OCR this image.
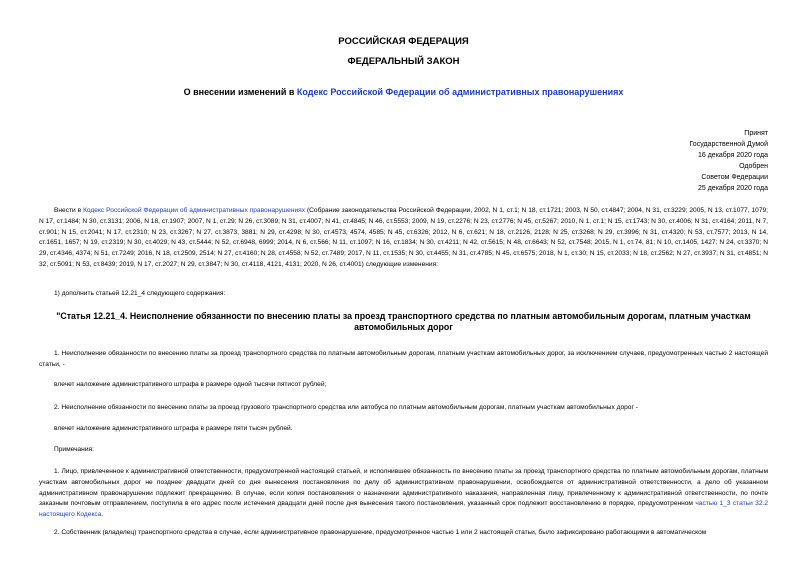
РОССИЙСКАЯ ФЕДЕРАЦИЯ
ФЕДЕРАЛЬНЫЙ ЗАКОН
О внесении изменений в Кодекс Российской Федерации об административных правонарушениях
Принят
Государственной Думой
16 декабря 2020 года
Одобрен
Советом Федерации
25 декабря 2020 года
Внести в Кодекс Российской Федерации об административных правонарушениях (Собрание законодательства Российской Федерации, 2002, N 1, ст.1; N 18, ст.1721; 2003, N 50, ст.4847; 2004, N 31, ст.3229; 2005, N 13, ст.1077, 1079; N 17, ст.1484; N 30, ст.3131; 2006, N 18, ст.1907; 2007, N 1, ст.29; N 26, ст.3089; N 31, ст.4007; N 41, ст.4845; N 46, ст.5553; 2009, N 19, ст.2276; N 23, ст.2776; N 45, ст.5267; 2010, N 1, ст.1; N 15, ст.1743; N 30, ст.4006; N 31, ст.4164; 2011, N 7, ст.901; N 15, ст.2041; N 17, ст.2310; N 23, ст.3267; N 27, ст.3873, 3881; N 29, ст.4298; N 30, ст.4573, 4574, 4585; N 45, ст.6326; 2012, N 6, ст.621; N 18, ст.2126, 2128; N 25, ст.3268; N 29, ст.3996; N 31, ст.4320; N 53, ст.7577; 2013, N 14, ст.1651, 1657; N 19, ст.2319; N 30, ст.4029; N 43, ст.5444; N 52, ст.6948, 6999; 2014, N 6, ст.566; N 11, ст.1097; N 16, ст.1834; N 30, ст.4211; N 42, ст.5615; N 48, ст.6643; N 52, ст.7548; 2015, N 1, ст.74, 81; N 10, ст.1405, 1427; N 24, ст.3370; N 29, ст.4346, 4374; N 51, ст.7249; 2016, N 18, ст.2509, 2514; N 27, ст.4160; N 28, ст.4558; N 52, ст.7489; 2017, N 11, ст.1535; N 30, ст.4455; N 31, ст.4785; N 45, ст.6575; 2018, N 1, ст.30; N 15, ст.2033; N 18, ст.2562; N 27, ст.3937; N 31, ст.4851; N 32, ст.5091; N 53, ст.8439; 2019, N 17, ст.2027; N 29, ст.3847; N 30, ст.4118, 4121, 4131; 2020, N 26, ст.4001) следующие изменения:
1) дополнить статьей 12.21_4 следующего содержания:
"Статья 12.21_4. Неисполнение обязанности по внесению платы за проезд транспортного средства по платным автомобильным дорогам, платным участкам автомобильных дорог
1. Неисполнение обязанности по внесению платы за проезд транспортного средства по платным автомобильным дорогам, платным участкам автомобильных дорог, за исключением случаев, предусмотренных частью 2 настоящей статьи, -
влечет наложение административного штрафа в размере одной тысячи пятисот рублей;
2. Неисполнение обязанности по внесению платы за проезд грузового транспортного средства или автобуса по платным автомобильным дорогам, платным участкам автомобильных дорог -
влечет наложение административного штрафа в размере пяти тысяч рублей.
Примечания:
1. Лицо, привлеченное к административной ответственности, предусмотренной настоящей статьей, и исполнившее обязанность по внесению платы за проезд транспортного средства по платным автомобильным дорогам, платным участкам автомобильных дорог не позднее двадцати дней со дня вынесения постановления по делу об административном правонарушении, освобождается от административной ответственности, а дело об указанном административном правонарушении подлежит прекращению. В случае, если копия постановления о назначении административного наказания, направленная лицу, привлеченному к административной ответственности, по почте заказным почтовым отправлением, поступила в его адрес после истечения двадцати дней после дня вынесения такого постановления, указанный срок подлежит восстановлению в порядке, предусмотренном частью 1_3 статьи 32.2 настоящего Кодекса.
2. Собственник (владелец) транспортного средства в случае, если административное правонарушение, предусмотренное частью 1 или 2 настоящей статьи, было зафиксировано работающими в автоматическом
